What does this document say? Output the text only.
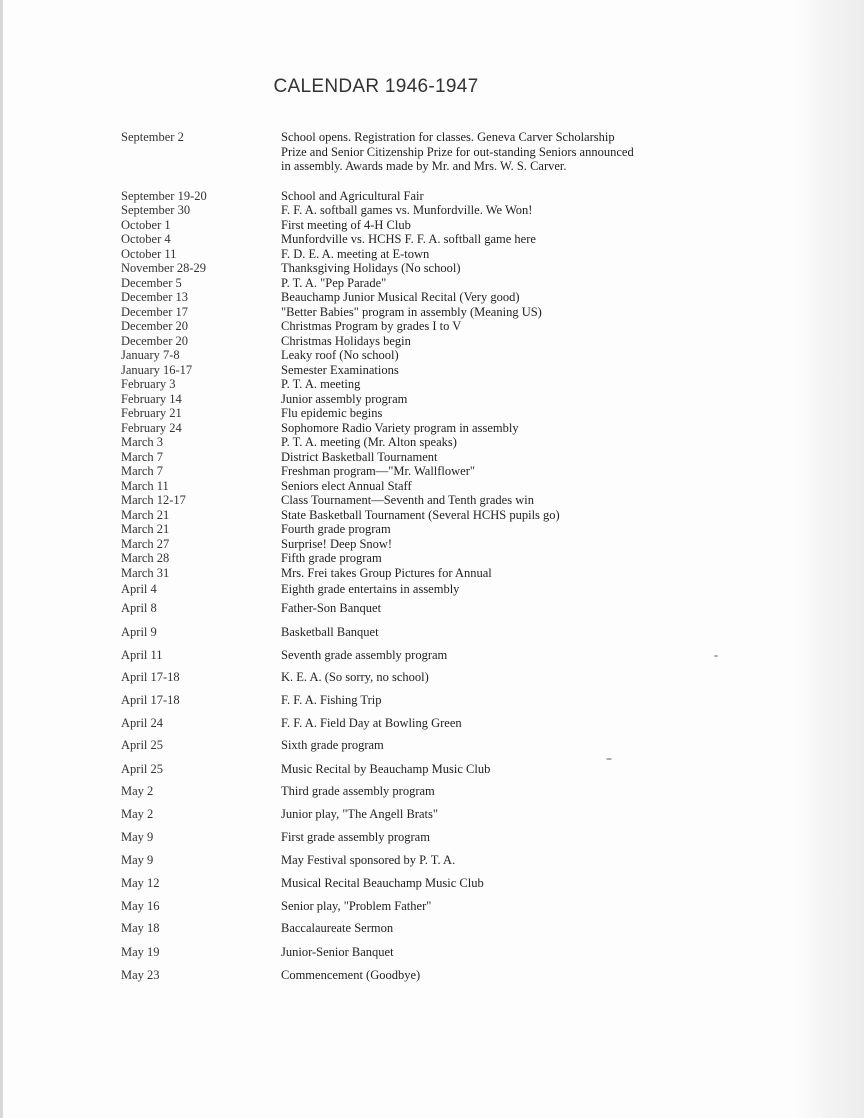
CALENDAR 1946-1947
September 2	School opens. Registration for classes. Geneva Carver Scholarship Prize and Senior Citizenship Prize for out-standing Seniors announced in assembly. Awards made by Mr. and Mrs. W. S. Carver.
September 19-20	School and Agricultural Fair
September 30	F. F. A. softball games vs. Munfordville. We Won!
October 1	First meeting of 4-H Club
October 4	Munfordville vs. HCHS F. F. A. softball game here
October 11	F. D. E. A. meeting at E-town
November 28-29	Thanksgiving Holidays (No school)
December 5	P. T. A. "Pep Parade"
December 13	Beauchamp Junior Musical Recital (Very good)
December 17	"Better Babies" program in assembly (Meaning US)
December 20	Christmas Program by grades I to V
December 20	Christmas Holidays begin
January 7-8	Leaky roof (No school)
January 16-17	Semester Examinations
February 3	P. T. A. meeting
February 14	Junior assembly program
February 21	Flu epidemic begins
February 24	Sophomore Radio Variety program in assembly
March 3	P. T. A. meeting (Mr. Alton speaks)
March 7	District Basketball Tournament
March 7	Freshman program—"Mr. Wallflower"
March 11	Seniors elect Annual Staff
March 12-17	Class Tournament—Seventh and Tenth grades win
March 21	State Basketball Tournament (Several HCHS pupils go)
March 21	Fourth grade program
March 27	Surprise! Deep Snow!
March 28	Fifth grade program
March 31	Mrs. Frei takes Group Pictures for Annual
April 4	Eighth grade entertains in assembly
April 8	Father-Son Banquet
April 9	Basketball Banquet
April 11	Seventh grade assembly program
April 17-18	K. E. A. (So sorry, no school)
April 17-18	F. F. A. Fishing Trip
April 24	F. F. A. Field Day at Bowling Green
April 25	Sixth grade program
April 25	Music Recital by Beauchamp Music Club
May 2	Third grade assembly program
May 2	Junior play, "The Angell Brats"
May 9	First grade assembly program
May 9	May Festival sponsored by P. T. A.
May 12	Musical Recital Beauchamp Music Club
May 16	Senior play, "Problem Father"
May 18	Baccalaureate Sermon
May 19	Junior-Senior Banquet
May 23	Commencement (Goodbye)
